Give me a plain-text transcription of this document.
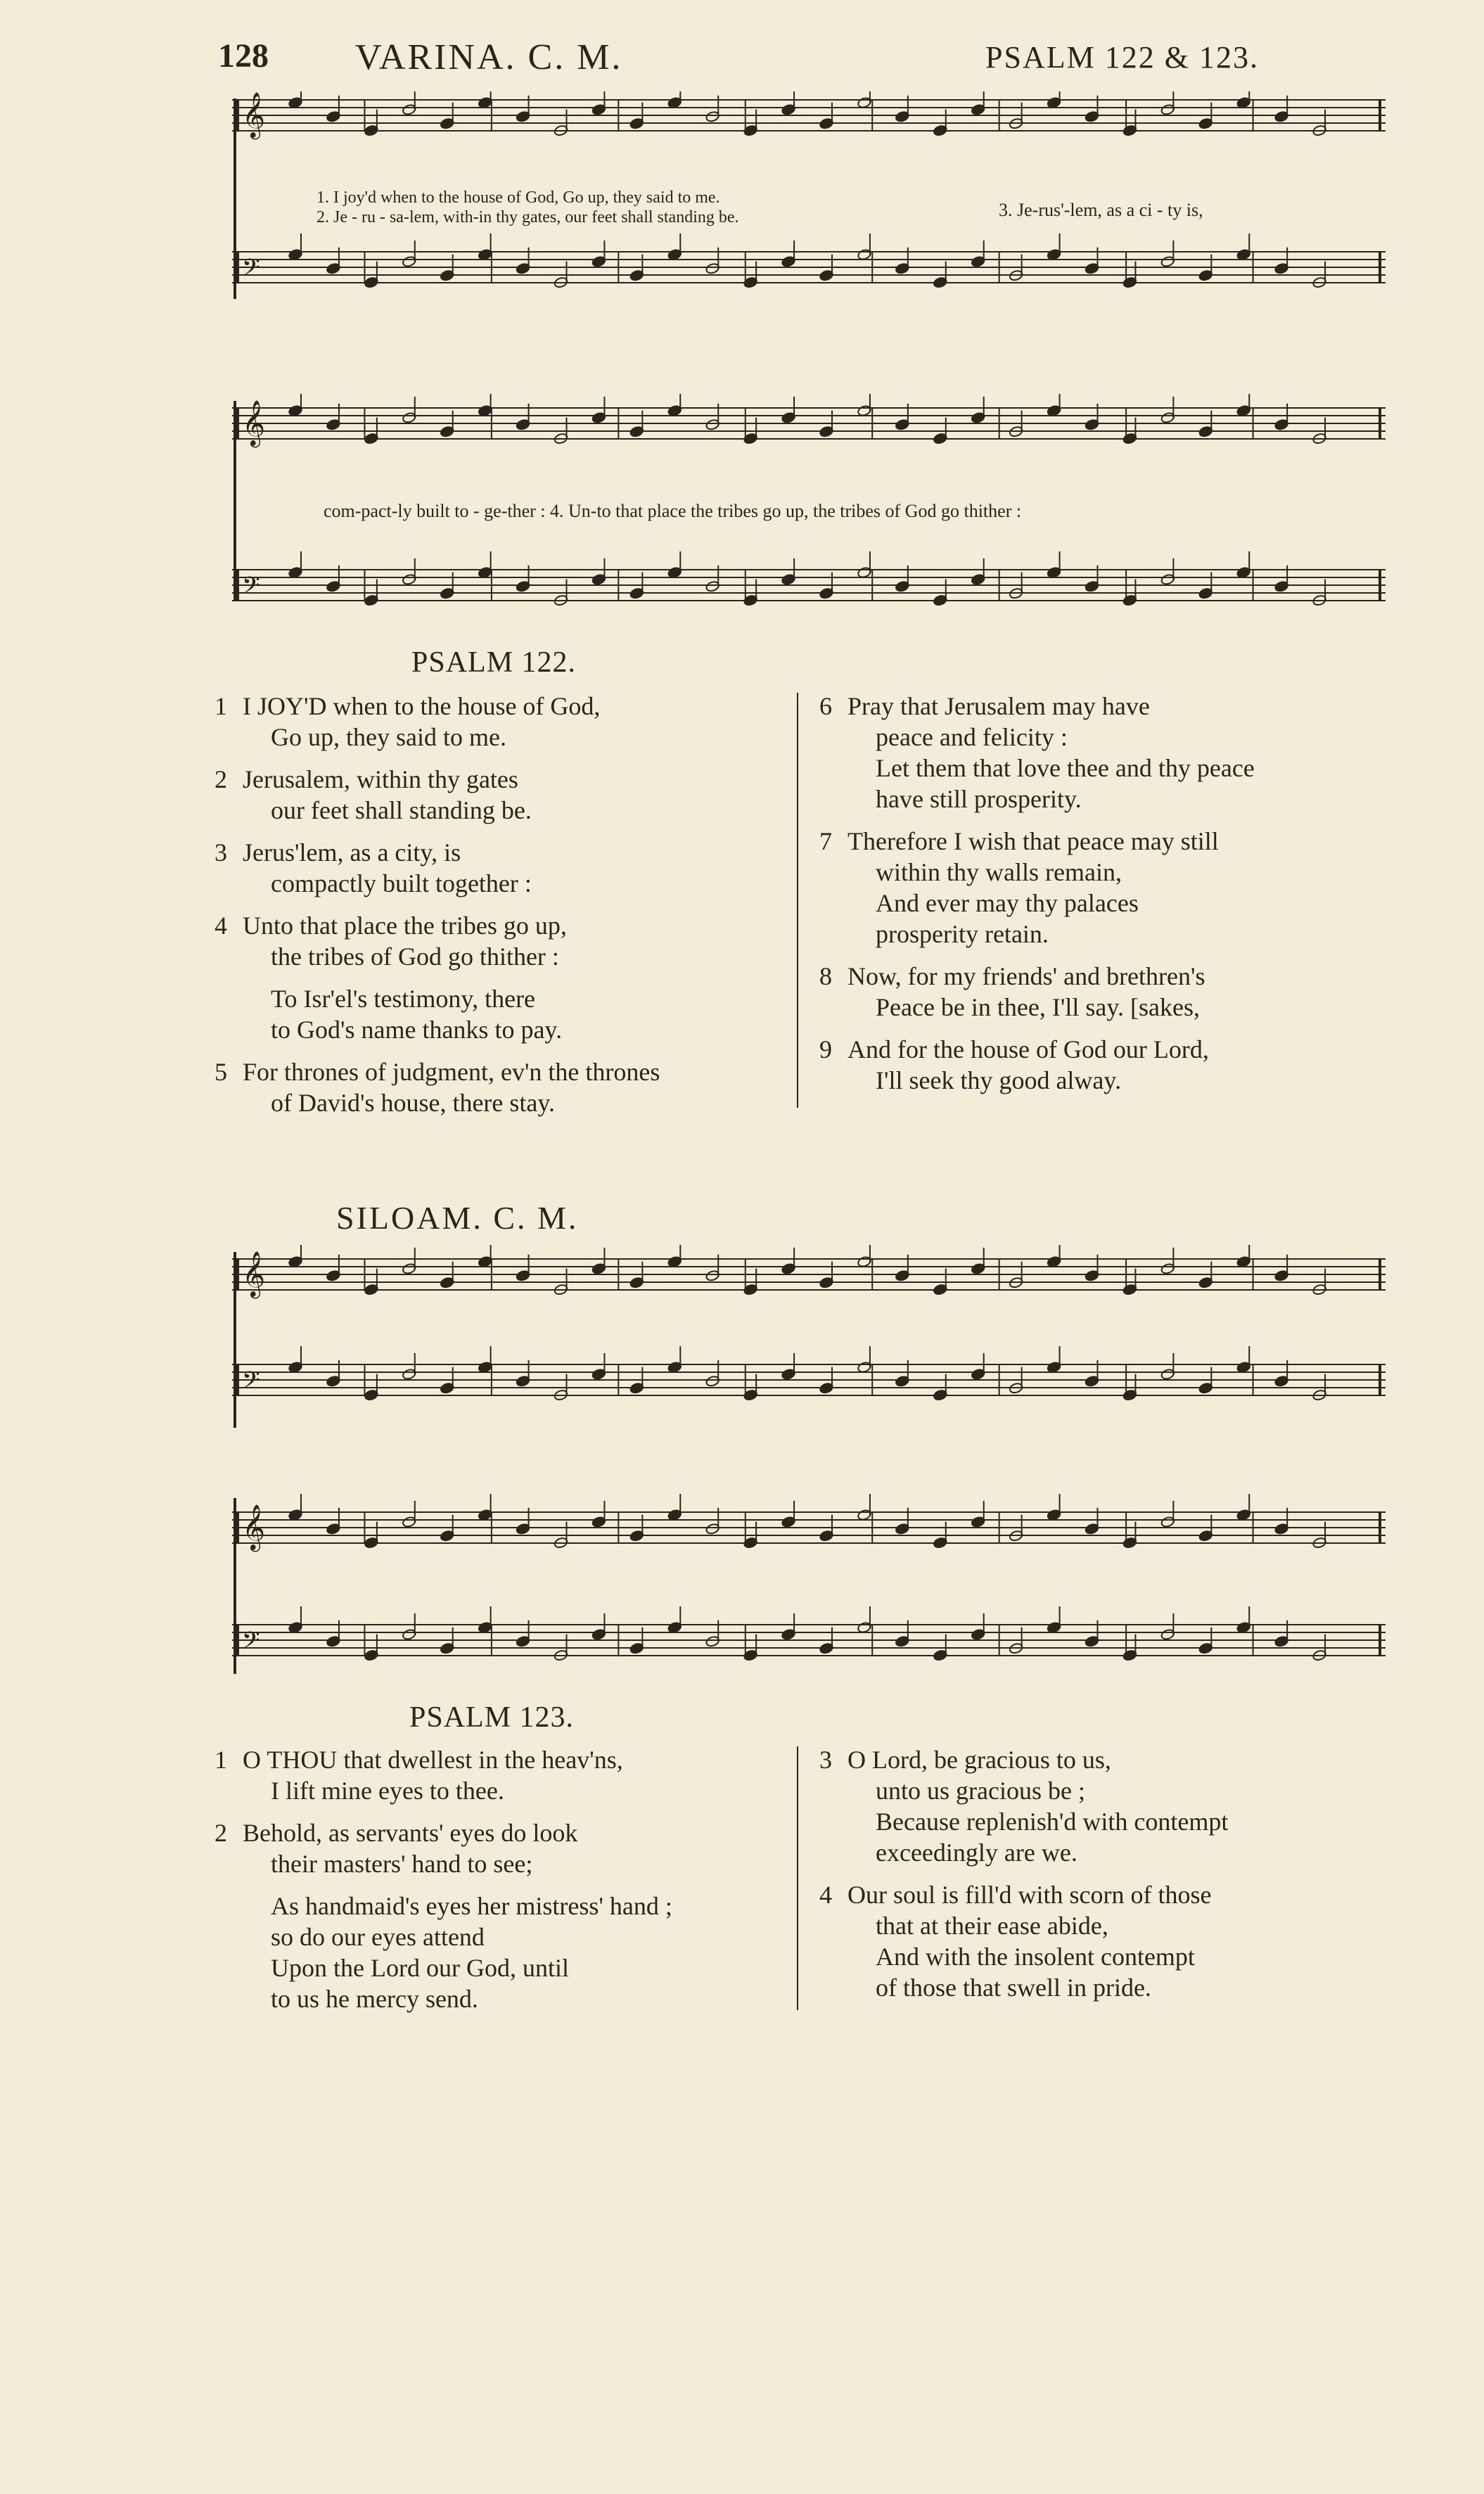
128 VARINA. C. M.	PSALM 122 & 123.
𝄞
𝄢
1. I joy'd when to the house of God, Go up, they said to me.
2. Je - ru - sa-lem, with-in thy gates, our feet shall standing be.	3. Je-rus'-lem, as a ci - ty is,
𝄞
𝄢
com-pact-ly built to - ge-ther : 4. Un-to that place the tribes go up, the tribes of God go thither :
PSALM 122.

1 I JOY'D when to the house of God,
Go up, they said to me.

2 Jerusalem, within thy gates
our feet shall standing be.

3 Jerus'lem, as a city, is
compactly built together :

4 Unto that place the tribes go up,
the tribes of God go thither :

To Isr'el's testimony, there
to God's name thanks to pay.

5 For thrones of judgment, ev'n the thrones
of David's house, there stay.

6 Pray that Jerusalem may have
peace and felicity :
Let them that love thee and thy peace
have still prosperity.

7 Therefore I wish that peace may still
within thy walls remain,
And ever may thy palaces
prosperity retain.

8 Now, for my friends' and brethren's
Peace be in thee, I'll say. [sakes,

9 And for the house of God our Lord,
I'll seek thy good alway.

SILOAM. C. M.
𝄞
𝄢
𝄞
𝄢
PSALM 123.

1 O THOU that dwellest in the heav'ns,
I lift mine eyes to thee.

2 Behold, as servants' eyes do look
their masters' hand to see;

As handmaid's eyes her mistress' hand ;
so do our eyes attend
Upon the Lord our God, until
to us he mercy send.

3 O Lord, be gracious to us,
unto us gracious be ;
Because replenish'd with contempt
exceedingly are we.

4 Our soul is fill'd with scorn of those
that at their ease abide,
And with the insolent contempt
of those that swell in pride.
